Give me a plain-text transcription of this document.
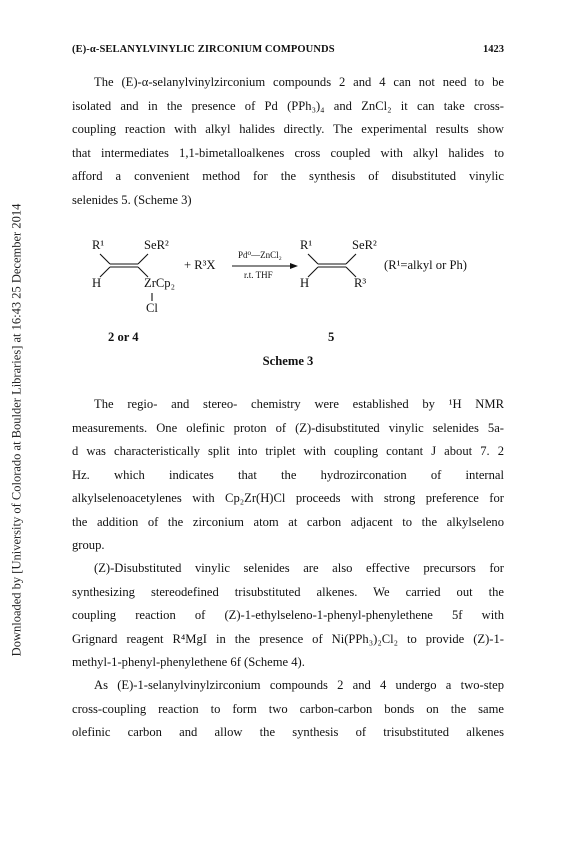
Downloaded by [University of Colorado at Boulder Libraries] at 16:43 25 December 2014
(E)-α-SELANYLVINYLIC ZIRCONIUM COMPOUNDS	1423

The (E)-α-selanylvinylzirconium compounds 2 and 4 can not need to be
isolated and in the presence of Pd (PPh₃)₄ and ZnCl₂ it can take cross-
coupling reaction with alkyl halides directly. The experimental results show
that intermediates 1,1-bimetalloalkenes cross coupled with alkyl halides to
afford a convenient method for the synthesis of disubstituted vinylic
selenides 5. (Scheme 3)

R¹	SeR²
H	ZrCp₂
Cl
+ R³X
Pd⁰—ZnCl₂
r.t. THF
R¹	SeR²
H	R³
(R¹=alkyl or Ph)
2 or 4	5
Scheme 3

The regio- and stereo- chemistry were established by ¹H NMR
measurements. One olefinic proton of (Z)-disubstituted vinylic selenides 5a-
d was characteristically split into triplet with coupling contant J about 7. 2
Hz. which indicates that the hydrozirconation of internal
alkylselenoacetylenes with Cp₂Zr(H)Cl proceeds with strong preference for
the addition of the zirconium atom at carbon adjacent to the alkylseleno
group.

(Z)-Disubstituted vinylic selenides are also effective precursors for
synthesizing stereodefined trisubstituted alkenes. We carried out the
coupling reaction of (Z)-1-ethylseleno-1-phenyl-phenylethene 5f with
Grignard reagent R⁴MgI in the presence of Ni(PPh₃)₂Cl₂ to provide (Z)-1-
methyl-1-phenyl-phenylethene 6f (Scheme 4).

As (E)-1-selanylvinylzirconium compounds 2 and 4 undergo a two-step
cross-coupling reaction to form two carbon-carbon bonds on the same
olefinic carbon and allow the synthesis of trisubstituted alkenes
